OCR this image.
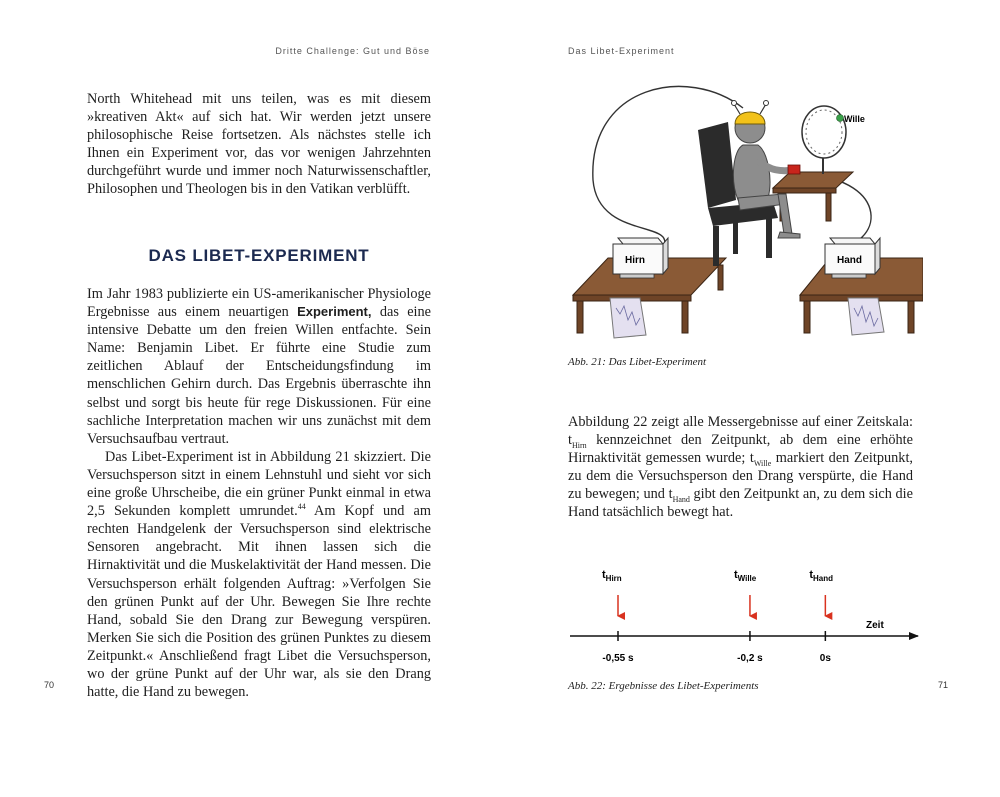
Dritte Challenge: Gut und Böse

North Whitehead mit uns teilen, was es mit diesem »kreativen Akt« auf sich hat. Wir werden jetzt unsere philosophische Reise fortsetzen. Als nächstes stelle ich Ihnen ein Experiment vor, das vor wenigen Jahrzehnten durchgeführt wurde und immer noch Naturwissenschaftler, Philosophen und Theologen bis in den Vatikan verblüfft.

DAS LIBET-EXPERIMENT

Im Jahr 1983 publizierte ein US-amerikanischer Physiologe Ergebnisse aus einem neuartigen Experiment, das eine intensive Debatte um den freien Willen entfachte. Sein Name: Benjamin Libet. Er führte eine Studie zum zeitlichen Ablauf der Entscheidungsfindung im menschlichen Gehirn durch. Das Ergebnis überraschte ihn selbst und sorgt bis heute für rege Diskussionen. Für eine sachliche Interpretation machen wir uns zunächst mit dem Versuchsaufbau vertraut.

Das Libet-Experiment ist in Abbildung 21 skizziert. Die Versuchsperson sitzt in einem Lehnstuhl und sieht vor sich eine große Uhrscheibe, die ein grüner Punkt einmal in etwa 2,5 Sekunden komplett umrundet.$^{44}$ Am Kopf und am rechten Handgelenk der Versuchsperson sind elektrische Sensoren angebracht. Mit ihnen lassen sich die Hirnaktivität und die Muskelaktivität der Hand messen. Die Versuchsperson erhält folgenden Auftrag: »Verfolgen Sie den grünen Punkt auf der Uhr. Bewegen Sie Ihre rechte Hand, sobald Sie den Drang zur Bewegung verspüren. Merken Sie sich die Position des grünen Punktes zu diesem Zeitpunkt.« Anschließend fragt Libet die Versuchsperson, wo der grüne Punkt auf der Uhr war, als sie den Drang hatte, die Hand zu bewegen.

70
Das Libet-Experiment
Hirn	Hand
Wille
Abb. 21: Das Libet-Experiment

Abbildung 22 zeigt alle Messergebnisse auf einer Zeitskala: $t_{Hirn}$ kennzeichnet den Zeitpunkt, ab dem eine erhöhte Hirnaktivität gemessen wurde; $t_{Wille}$ markiert den Zeitpunkt, zu dem die Versuchsperson den Drang verspürte, die Hand zu bewegen; und $t_{Hand}$ gibt den Zeitpunkt an, zu dem sich die Hand tatsächlich bewegt hat.

Zeit
$t_{Hirn}$
-0,55 s
$t_{Wille}$
-0,2 s
$t_{Hand}$
0s
Abb. 22: Ergebnisse des Libet-Experiments	71
